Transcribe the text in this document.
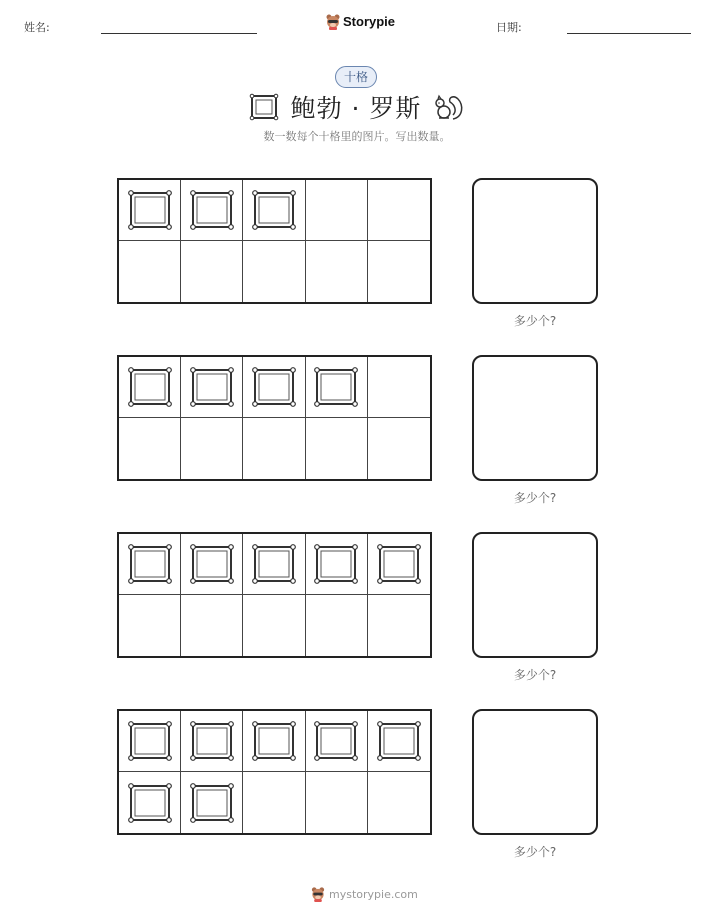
姓名:	Storypie	日期:
十格
鲍勃 · 罗斯
数一数每个十格里的图片。写出数量。
多少个?
多少个?
多少个?
多少个?
mystorypie.com
